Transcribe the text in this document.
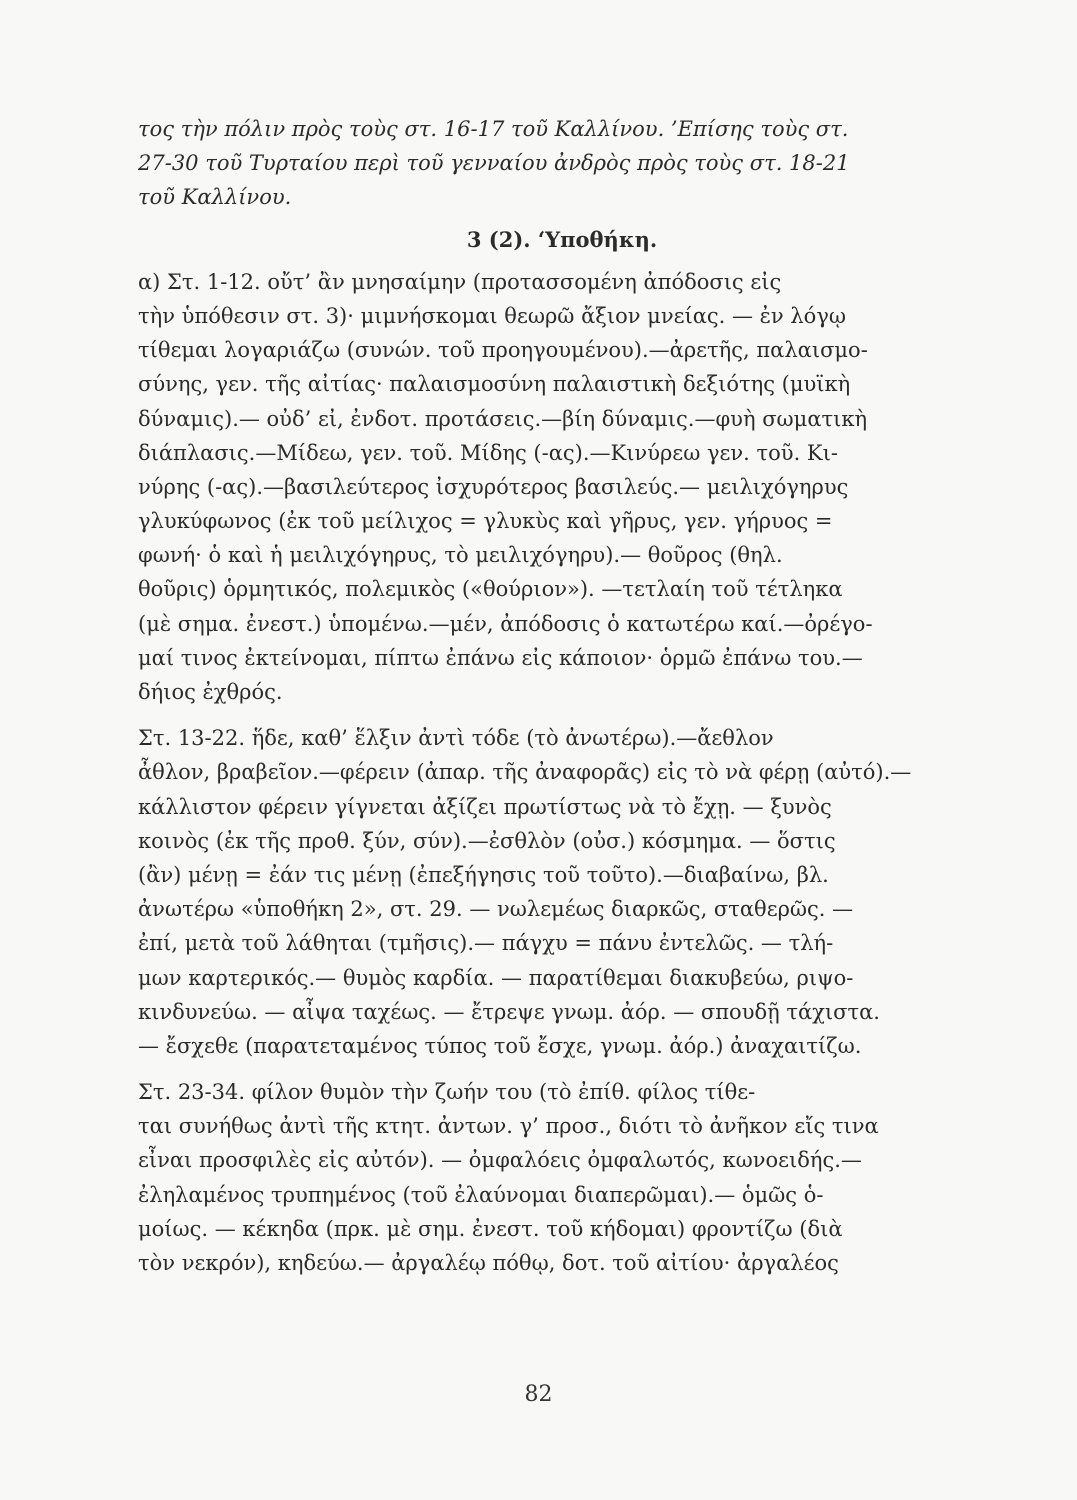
τος τὴν πόλιν πρὸς τοὺς στ. 16-17 τοῦ Καλλίνου. ’Επίσης τοὺς στ.
27-30 τοῦ Τυρταίου περὶ τοῦ γενναίου ἀνδρὸς πρὸς τοὺς στ. 18-21
τοῦ Καλλίνου.
3 (2). ‘Υποθήκη.
α) Στ. 1-12. οὔτ’ ἂν μνησαίμην (προτασσομένη ἀπόδοσις εἰς
τὴν ὑπόθεσιν στ. 3)· μιμνήσκομαι θεωρῶ ἄξιον μνείας. — ἐν λόγῳ
τίθεμαι λογαριάζω (συνών. τοῦ προηγουμένου).—ἀρετῆς, παλαισμο-
σύνης, γεν. τῆς αἰτίας· παλαισμοσύνη παλαιστικὴ δεξιότης (μυϊκὴ
δύναμις).— οὐδ’ εἰ, ἐνδοτ. προτάσεις.—βίη δύναμις.—φυὴ σωματικὴ
διάπλασις.—Μίδεω, γεν. τοῦ. Μίδης (-ας).—Κινύρεω γεν. τοῦ. Κι-
νύρης (-ας).—βασιλεύτερος ἰσχυρότερος βασιλεύς.— μειλιχόγηρυς
γλυκύφωνος (ἐκ τοῦ μείλιχος = γλυκὺς καὶ γῆρυς, γεν. γήρυος =
φωνή· ὁ καὶ ἡ μειλιχόγηρυς, τὸ μειλιχόγηρυ).— θοῦρος (θηλ.
θοῦρις) ὁρμητικός, πολεμικὸς («θούριον»). —τετλαίη τοῦ τέτληκα
(μὲ σημα. ἐνεστ.) ὑπομένω.—μέν, ἀπόδοσις ὁ κατωτέρω καί.—ὀρέγο-
μαί τινος ἐκτείνομαι, πίπτω ἐπάνω εἰς κάποιον· ὁρμῶ ἐπάνω του.—
δήιος ἐχθρός.
Στ. 13-22. ἥδε, καθ’ ἕλξιν ἀντὶ τόδε (τὸ ἀνωτέρω).—ἄεθλον
ἆθλον, βραβεῖον.—φέρειν (ἀπαρ. τῆς ἀναφορᾶς) εἰς τὸ νὰ φέρῃ (αὐτό).—
κάλλιστον φέρειν γίγνεται ἀξίζει πρωτίστως νὰ τὸ ἔχῃ. — ξυνὸς
κοινὸς (ἐκ τῆς προθ. ξύν, σύν).—ἐσθλὸν (οὐσ.) κόσμημα. — ὅστις
(ἂν) μένῃ = ἐάν τις μένῃ (ἐπεξήγησις τοῦ τοῦτο).—διαβαίνω, βλ.
ἀνωτέρω «ὑποθήκη 2», στ. 29. — νωλεμέως διαρκῶς, σταθερῶς. —
ἐπί, μετὰ τοῦ λάθηται (τμῆσις).— πάγχυ = πάνυ ἐντελῶς. — τλή-
μων καρτερικός.— θυμὸς καρδία. — παρατίθεμαι διακυβεύω, ριψο-
κινδυνεύω. — αἶψα ταχέως. — ἔτρεψε γνωμ. ἀόρ. — σπουδῇ τάχιστα.
— ἔσχεθε (παρατεταμένος τύπος τοῦ ἔσχε, γνωμ. ἀόρ.) ἀναχαιτίζω.
Στ. 23-34. φίλον θυμὸν τὴν ζωήν του (τὸ ἐπίθ. φίλος τίθε-
ται συνήθως ἀντὶ τῆς κτητ. ἀντων. γ’ προσ., διότι τὸ ἀνῆκον εἴς τινα
εἶναι προσφιλὲς εἰς αὐτόν). — ὀμφαλόεις ὀμφαλωτός, κωνοειδής.—
ἐληλαμένος τρυπημένος (τοῦ ἐλαύνομαι διαπερῶμαι).— ὁμῶς ὁ-
μοίως. — κέκηδα (πρκ. μὲ σημ. ἐνεστ. τοῦ κήδομαι) φροντίζω (διὰ
τὸν νεκρόν), κηδεύω.— ἀργαλέῳ πόθῳ, δοτ. τοῦ αἰτίου· ἀργαλέος
82
